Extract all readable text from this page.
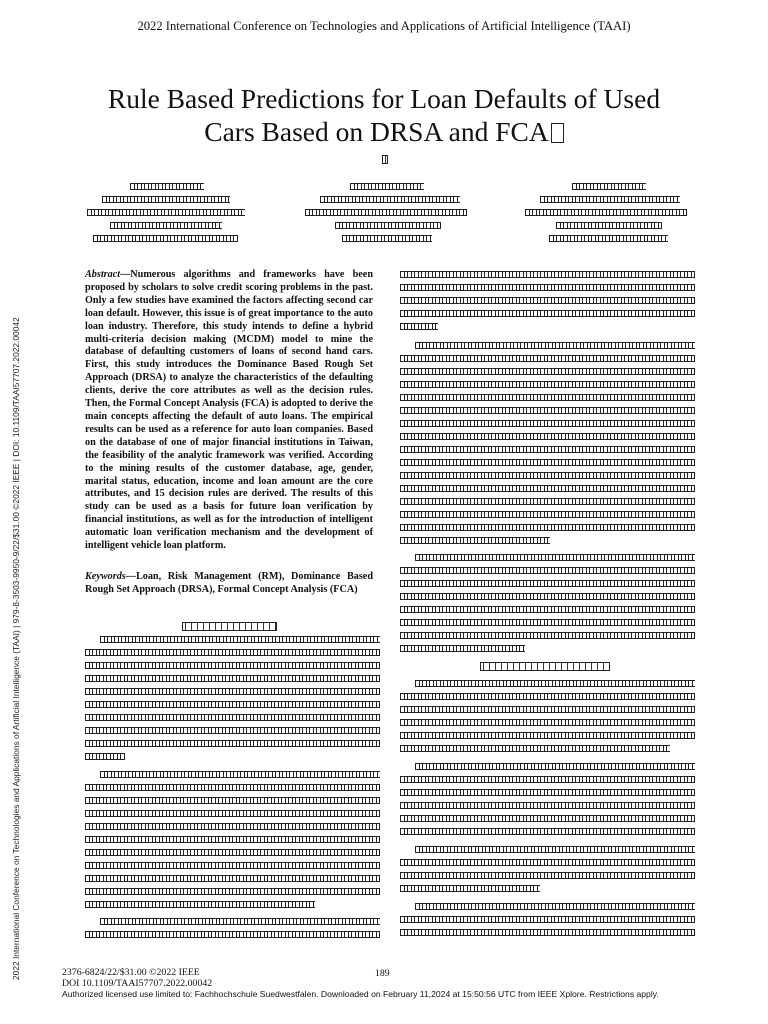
2022 International Conference on Technologies and Applications of Artificial Intelligence (TAAI)
Rule Based Predictions for Loan Defaults of Used
Cars Based on DRSA and FCA
2022 International Conference on Technologies and Applications of Artificial Intelligence (TAAI) | 979-8-3503-9950-9/22/$31.00 ©2022 IEEE | DOI: 10.1109/TAAI57707.2022.00042
Abstract—Numerous algorithms and frameworks have been proposed by scholars to solve credit scoring problems in the past. Only a few studies have examined the factors affecting second car loan default. However, this issue is of great importance to the auto loan industry. Therefore, this study intends to define a hybrid multi-criteria decision making (MCDM) model to mine the database of defaulting customers of loans of second hand cars. First, this study introduces the Dominance Based Rough Set Approach (DRSA) to analyze the characteristics of the defaulting clients, derive the core attributes as well as the decision rules. Then, the Formal Concept Analysis (FCA) is adopted to derive the main concepts affecting the default of auto loans. The empirical results can be used as a reference for auto loan companies. Based on the database of one of major financial institutions in Taiwan, the feasibility of the analytic framework was verified. According to the mining results of the customer database, age, gender, marital status, education, income and loan amount are the core attributes, and 15 decision rules are derived. The results of this study can be used as a basis for future loan verification by financial institutions, as well as for the introduction of intelligent automatic loan verification mechanism and the development of intelligent vehicle loan platform.
Keywords—Loan, Risk Management (RM), Dominance Based Rough Set Approach (DRSA), Formal Concept Analysis (FCA)
2376-6824/22/$31.00 ©2022 IEEE
DOI 10.1109/TAAI57707.2022.00042
189
Authorized licensed use limited to: Fachhochschule Suedwestfalen. Downloaded on February 11,2024 at 15:50:56 UTC from IEEE Xplore. Restrictions apply.
